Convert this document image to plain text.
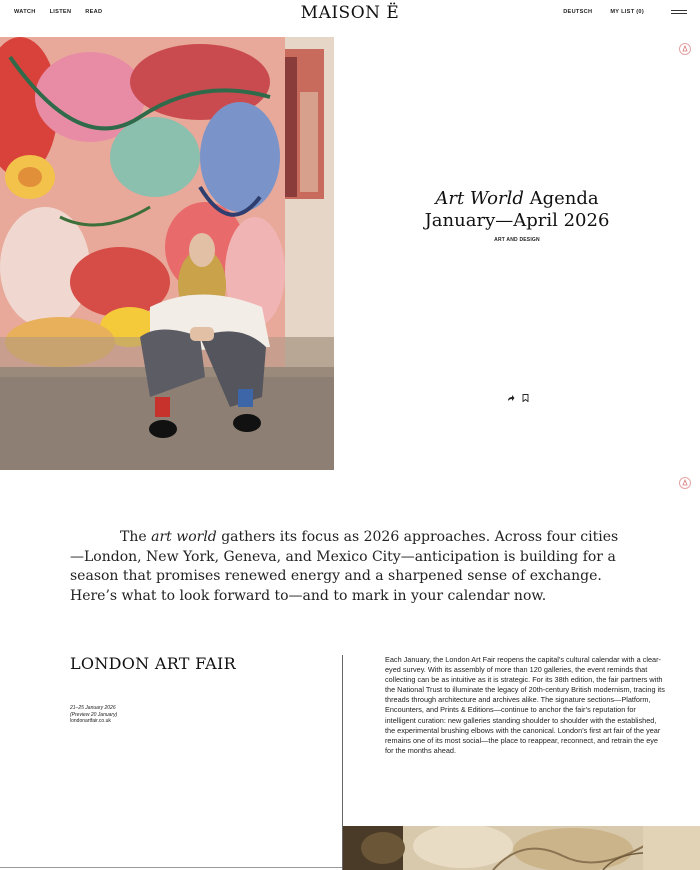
WATCH	LISTEN	READ	MAISON Ë	DEUTSCH	MY LIST (0)
Art World Agenda
January—April 2026
ART AND DESIGN

The art world gathers its focus as 2026 approaches. Across four cities—London, New York, Geneva, and Mexico City—anticipation is building for a season that promises renewed energy and a sharpened sense of exchange. Here’s what to look forward to—and to mark in your calendar now.

LONDON ART FAIR
21–25 January 2026
(Preview 20 January)
londonartfair.co.uk

Each January, the London Art Fair reopens the capital’s cultural calendar with a clear-eyed survey. With its assembly of more than 120 galleries, the event reminds that collecting can be as intuitive as it is strategic. For its 38th edition, the fair partners with the National Trust to illuminate the legacy of 20th-century British modernism, tracing its threads through architecture and archives alike. The signature sections—Platform, Encounters, and Prints & Editions—continue to anchor the fair’s reputation for intelligent curation: new galleries standing shoulder to shoulder with the established, the experimental brushing elbows with the canonical. London’s first art fair of the year remains one of its most social—the place to reappear, reconnect, and retrain the eye for the months ahead.
